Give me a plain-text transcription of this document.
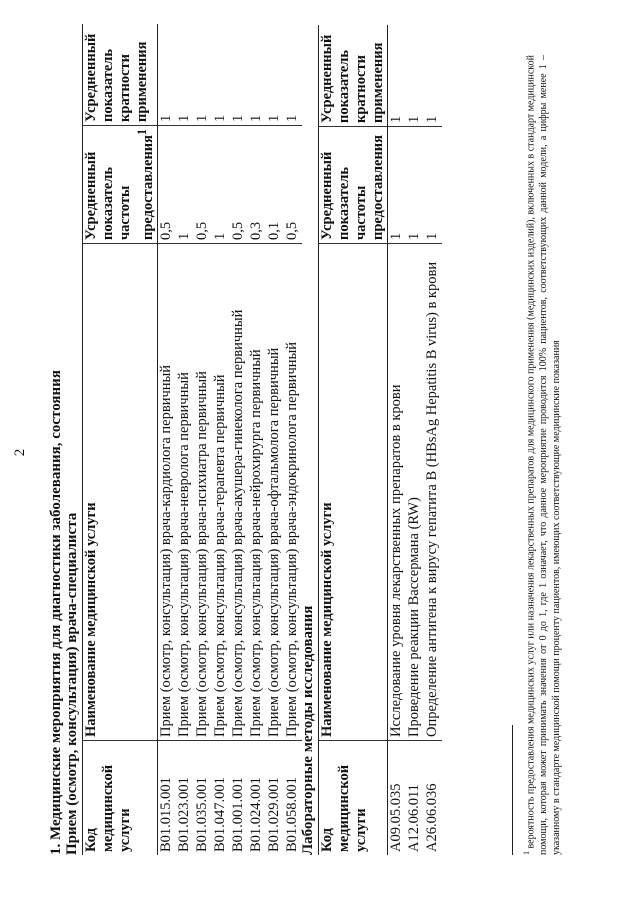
2 1. Медицинские мероприятия для диагностики заболевания, состояния Прием (осмотр, консультация) врача-специалиста Код медицинской услуги	Наименование медицинской услуги	Усредненный показатель частоты предоставления$^1$	Усредненный показатель кратности применения
B01.015.001	Прием (осмотр, консультация) врача-кардиолога первичный	0,5	1
B01.023.001	Прием (осмотр, консультация) врача-невролога первичный	1	1
B01.035.001	Прием (осмотр, консультация) врача-психиатра первичный	0,5	1
B01.047.001	Прием (осмотр, консультация) врача-терапевта первичный	1	1
B01.001.001	Прием (осмотр, консультация) врача-акушера-гинеколога первичный	0,5	1
B01.024.001	Прием (осмотр, консультация) врача-нейрохирурга первичный	0,3	1
B01.029.001	Прием (осмотр, консультация) врача-офтальмолога первичный	0,1	1
B01.058.001	Прием (осмотр, консультация) врача-эндокринолога первичный	0,5	1
Лабораторные методы исследования Код медицинской услуги	Наименование медицинской услуги	Усредненный показатель частоты предоставления	Усредненный показатель кратности применения
A09.05.035	Исследование уровня лекарственных препаратов в крови	1	1
A12.06.011	Проведение реакции Вассермана (RW)	1	1
A26.06.036	Определение антигена к вирусу гепатита B (HBsAg Hepatitis B virus) в крови	1	1
$^1$ вероятность предоставления медицинских услуг или назначения лекарственных препаратов для медицинского применения (медицинских изделий), включенных в стандарт медицинской помощи, которая может принимать значения от 0 до 1, где 1 означает, что данное мероприятие проводится 100% пациентов, соответствующих данной модели, а цифры менее 1 – указанному в стандарте медицинской помощи проценту пациентов, имеющих соответствующие медицинские показания
